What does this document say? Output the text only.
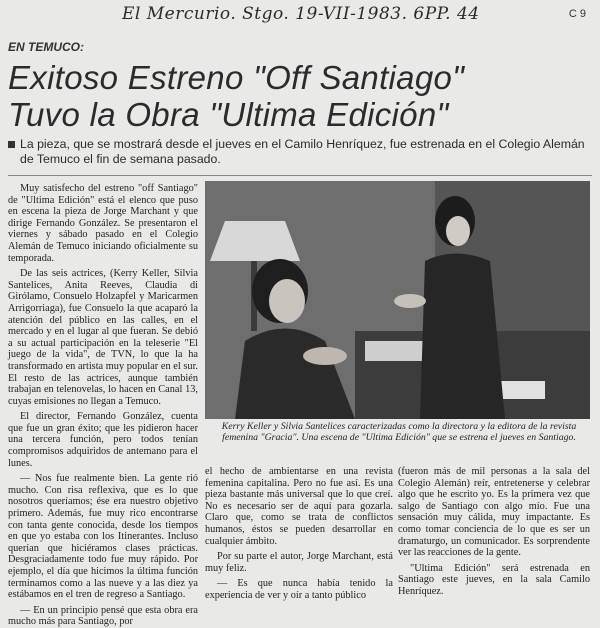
El Mercurio. Stgo. 19-VII-1983. 6PP. 44	C 9
EN TEMUCO:
Exitoso Estreno "Off Santiago"
Tuvo la Obra "Ultima Edición"
La pieza, que se mostrará desde el jueves en el Camilo Henríquez, fue estrenada en el Colegio Alemán de Temuco el fin de semana pasado.

Muy satisfecho del estreno "off Santiago" de "Ultima Edición" está el elenco que puso en escena la pieza de Jorge Marchant y que dirige Fernando González. Se presentaron el viernes y sábado pasado en el Colegio Alemán de Temuco iniciando oficialmente su temporada.

De las seis actrices, (Kerry Keller, Silvia Santelices, Anita Reeves, Claudia di Girólamo, Consuelo Holzapfel y Maricarmen Arrigorriaga), fue Consuelo la que acaparó la atención del público en las calles, en el mercado y en el lugar al que fueran. Se debió a su actual participación en la teleserie "El juego de la vida", de TVN, lo que la ha transformado en artista muy popular en el sur. El resto de las actrices, aunque también trabajan en telenovelas, lo hacen en Canal 13, cuyas emisiones no llegan a Temuco.

El director, Fernando González, cuenta que fue un gran éxito; que les pidieron hacer una tercera función, pero todos tenían compromisos adquiridos de antemano para el lunes.

— Nos fue realmente bien. La gente rió mucho. Con risa reflexiva, que es lo que nosotros queríamos; ése era nuestro objetivo primero. Además, fue muy rico encontrarse con tanta gente conocida, desde los tiempos en que yo estaba con los Itinerantes. Incluso querían que hiciéramos clases prácticas. Desgraciadamente todo fue muy rápido. Por ejemplo, el día que hicimos la última función terminamos como a las nueve y a las diez ya estábamos en el tren de regreso a Santiago.

— En un principio pensé que esta obra era mucho más para Santiago, por

Kerry Keller y Silvia Santelices caracterizadas como la directora y la editora de la revista femenina "Gracia". Una escena de "Ultima Edición" que se estrena el jueves en Santiago.

el hecho de ambientarse en una revista femenina capitalina. Pero no fue así. Es una pieza bastante más universal que lo que creí. No es necesario ser de aquí para gozarla. Claro que, como se trata de conflictos humanos, éstos se pueden desarrollar en cualquier ámbito.

Por su parte el autor, Jorge Marchant, está muy feliz.

— Es que nunca había tenido la experiencia de ver y oír a tanto público

(fueron más de mil personas a la sala del Colegio Alemán) reír, entretenerse y celebrar algo que he escrito yo. Es la primera vez que salgo de Santiago con algo mío. Fue una sensación muy cálida, muy impactante. Es como tomar conciencia de lo que es ser un dramaturgo, un comunicador. Es sorprendente ver las reacciones de la gente.

"Ultima Edición" será estrenada en Santiago este jueves, en la sala Camilo Henríquez.
